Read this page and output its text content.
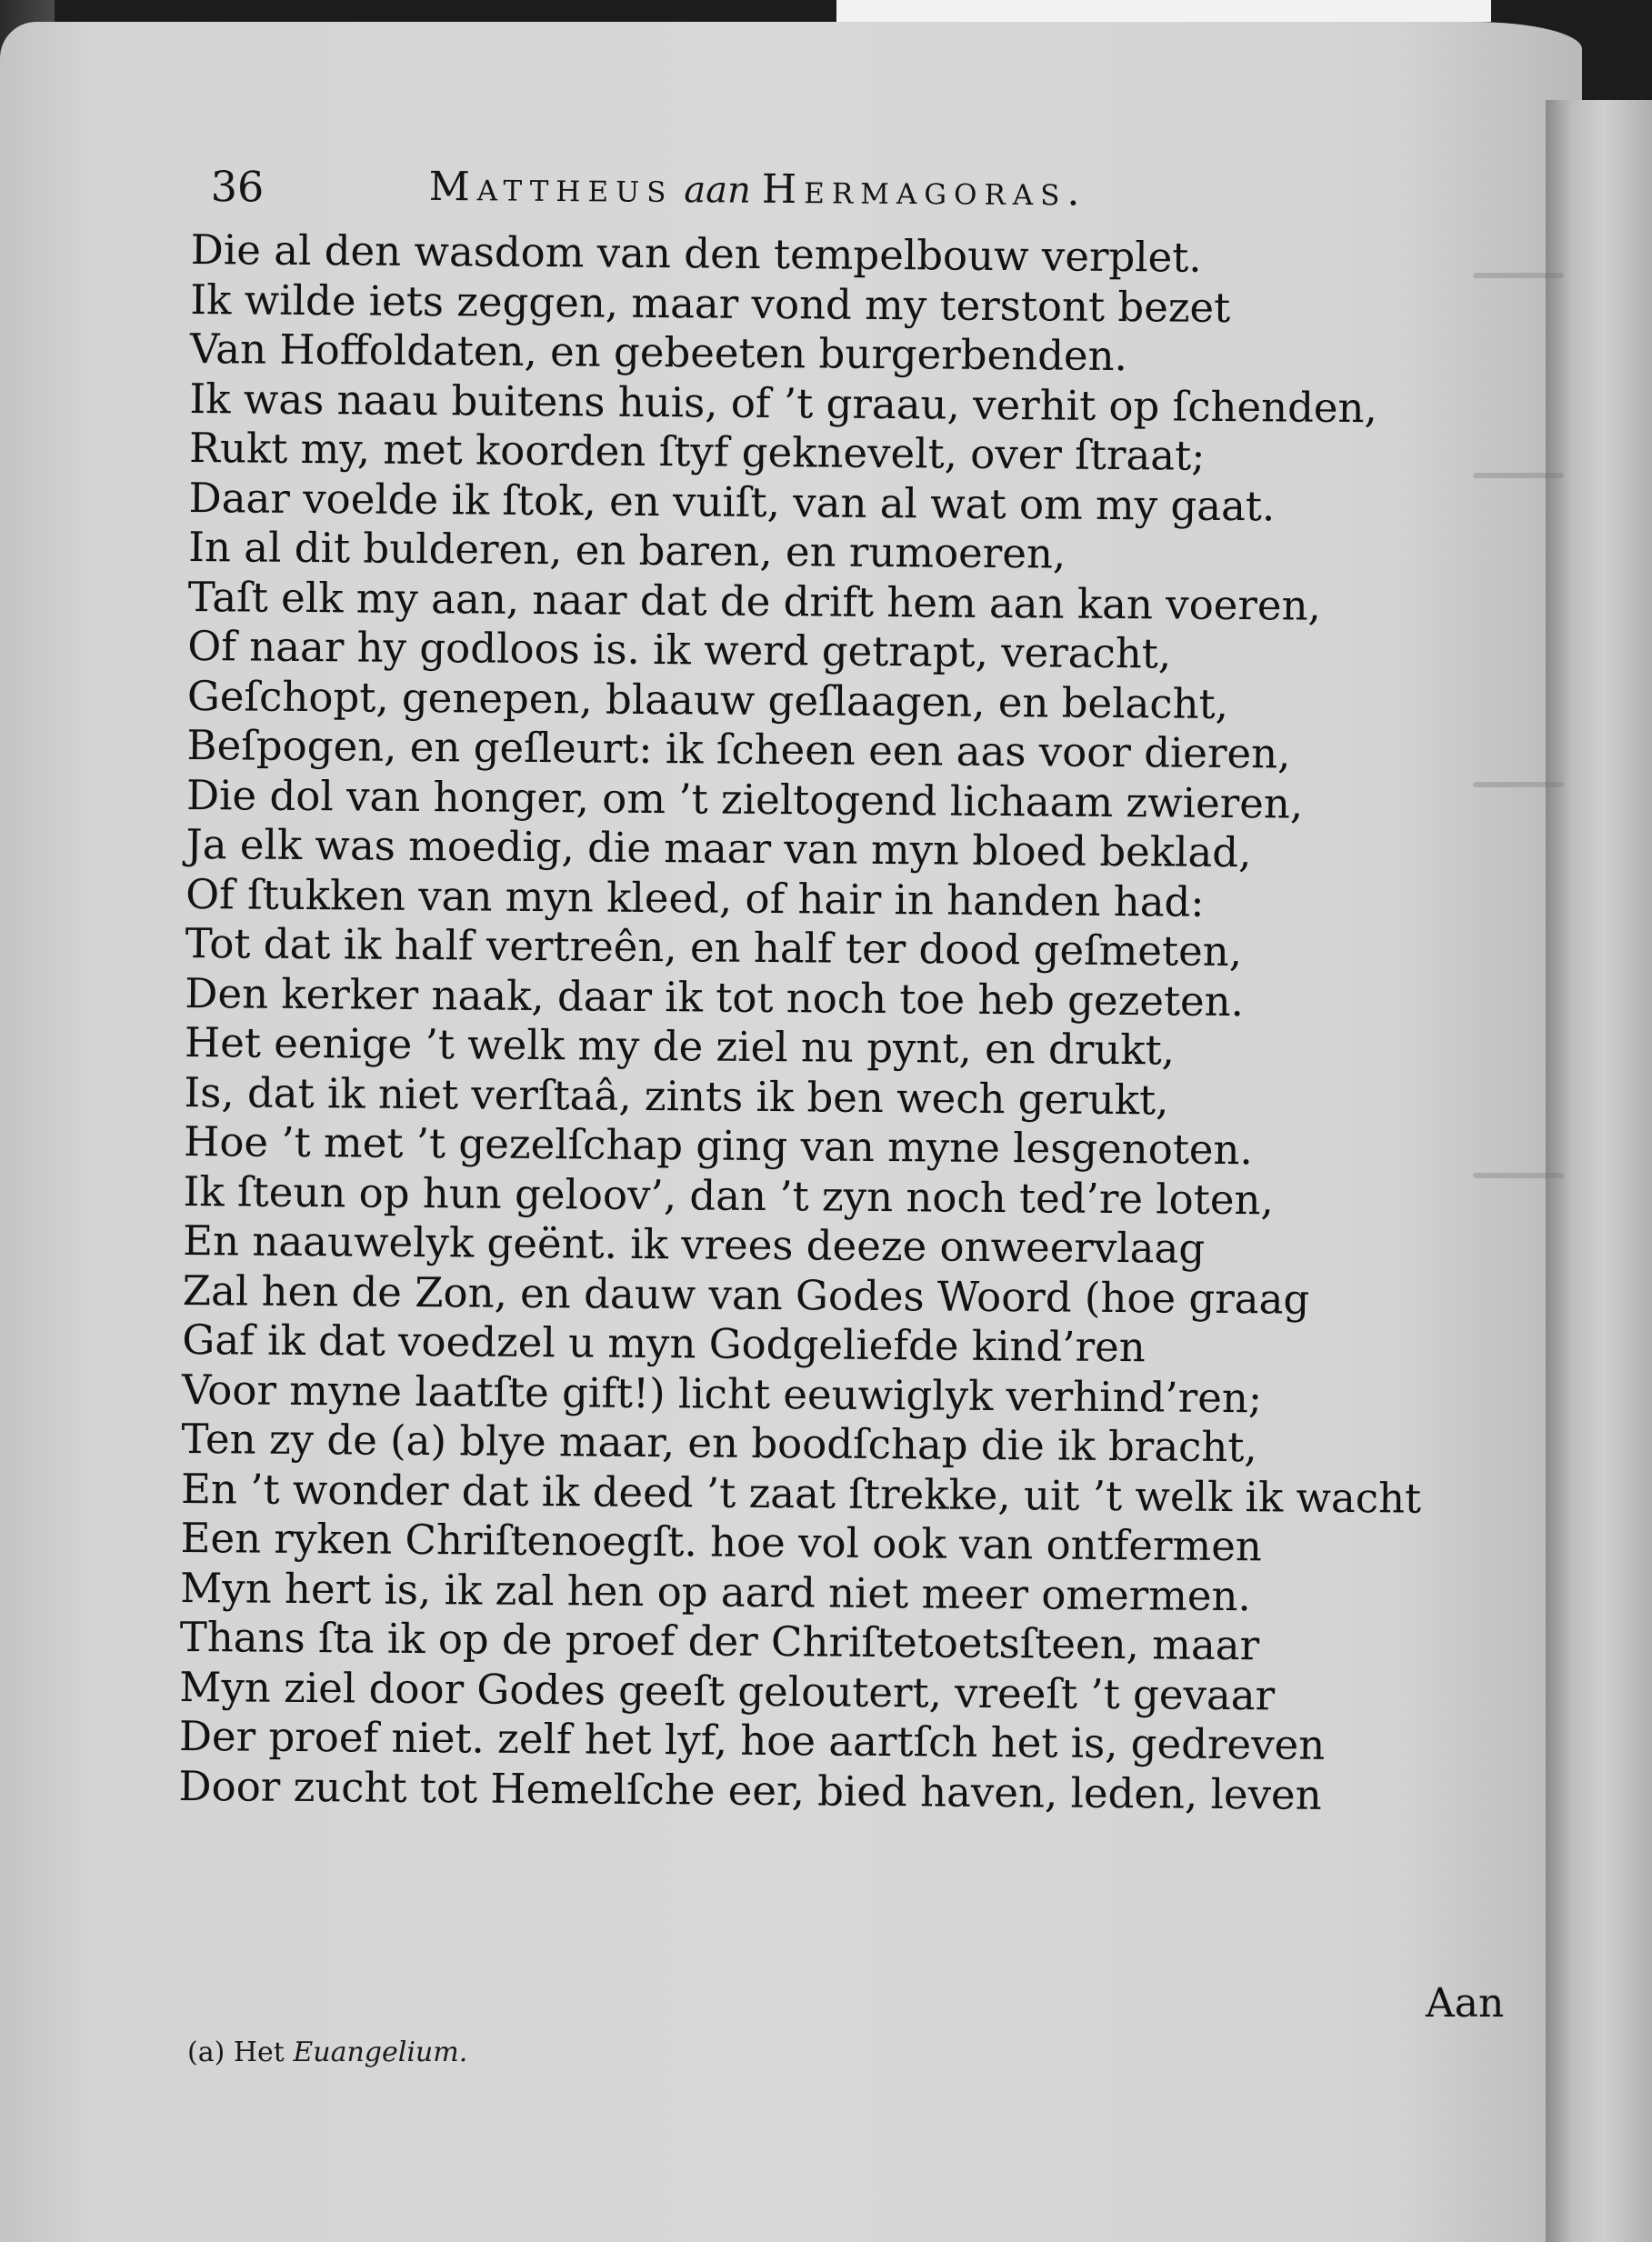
36	Mattheus aan Hermagoras.
Die al den wasdom van den tempelbouw verplet.
Ik wilde iets zeggen, maar vond my terstont bezet
Van Hoffoldaten, en gebeeten burgerbenden.
Ik was naau buitens huis, of ’t graau, verhit op ſchenden,
Rukt my, met koorden ſtyf geknevelt, over ſtraat;
Daar voelde ik ſtok, en vuiſt, van al wat om my gaat.
In al dit bulderen, en baren, en rumoeren,
Taſt elk my aan, naar dat de drift hem aan kan voeren,
Of naar hy godloos is. ik werd getrapt, veracht,
Geſchopt, genepen, blaauw geſlaagen, en belacht,
Beſpogen, en geſleurt: ik ſcheen een aas voor dieren,
Die dol van honger, om ’t zieltogend lichaam zwieren,
Ja elk was moedig, die maar van myn bloed beklad,
Of ſtukken van myn kleed, of hair in handen had:
Tot dat ik half vertreên, en half ter dood geſmeten,
Den kerker naak, daar ik tot noch toe heb gezeten.
Het eenige ’t welk my de ziel nu pynt, en drukt,
Is, dat ik niet verſtaâ, zints ik ben wech gerukt,
Hoe ’t met ’t gezelſchap ging van myne lesgenoten.
Ik ſteun op hun geloov’, dan ’t zyn noch ted’re loten,
En naauwelyk geënt. ik vrees deeze onweervlaag
Zal hen de Zon, en dauw van Godes Woord (hoe graag
Gaf ik dat voedzel u myn Godgeliefde kind’ren
Voor myne laatſte gift!) licht eeuwiglyk verhind’ren;
Ten zy de (a) blye maar, en boodſchap die ik bracht,
En ’t wonder dat ik deed ’t zaat ſtrekke, uit ’t welk ik wacht
Een ryken Chriſtenoegſt. hoe vol ook van ontfermen
Myn hert is, ik zal hen op aard niet meer omermen.
Thans ſta ik op de proef der Chriſtetoetsſteen, maar
Myn ziel door Godes geeſt geloutert, vreeſt ’t gevaar
Der proef niet. zelf het lyf, hoe aartſch het is, gedreven
Door zucht tot Hemelſche eer, bied haven, leden, leven
Aan
(a) Het Euangelium.
